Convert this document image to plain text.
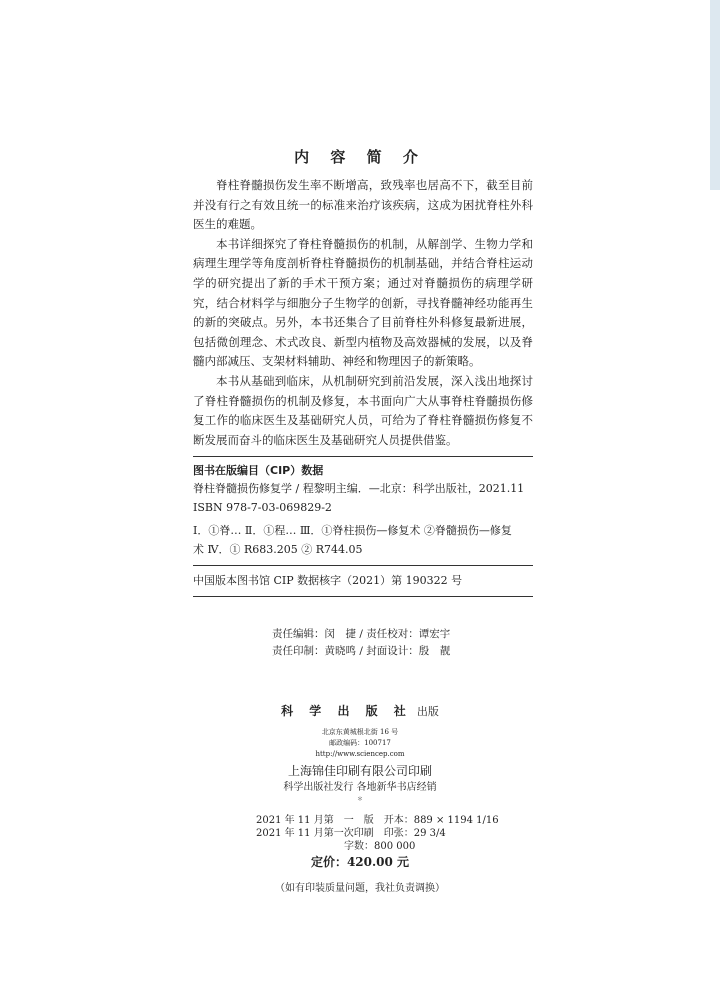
内 容 简 介

脊柱脊髓损伤发生率不断增高，致残率也居高不下，截至目前并没有行之有效且统一的标准来治疗该疾病，这成为困扰脊柱外科医生的难题。

本书详细探究了脊柱脊髓损伤的机制，从解剖学、生物力学和病理生理学等角度剖析脊柱脊髓损伤的机制基础，并结合脊柱运动学的研究提出了新的手术干预方案；通过对脊髓损伤的病理学研究，结合材料学与细胞分子生物学的创新，寻找脊髓神经功能再生的新的突破点。另外，本书还集合了目前脊柱外科修复最新进展，包括微创理念、术式改良、新型内植物及高效器械的发展，以及脊髓内部减压、支架材料辅助、神经和物理因子的新策略。

本书从基础到临床，从机制研究到前沿发展，深入浅出地探讨了脊柱脊髓损伤的机制及修复，本书面向广大从事脊柱脊髓损伤修复工作的临床医生及基础研究人员，可给为了脊柱脊髓损伤修复不断发展而奋斗的临床医生及基础研究人员提供借鉴。

图书在版编目（CIP）数据
脊柱脊髓损伤修复学 / 程黎明主编．—北京：科学出版社，2021.11
ISBN 978-7-03-069829-2
Ⅰ．①脊… Ⅱ．①程… Ⅲ．①脊柱损伤—修复术 ②脊髓损伤—修复
术 Ⅳ．① R683.205 ② R744.05
中国版本图书馆 CIP 数据核字（2021）第 190322 号
责任编辑：闵　捷 / 责任校对：谭宏宇
责任印制：黄晓鸣 / 封面设计：殷　靓
科 学 出 版 社 出版
北京东黄城根北街 16 号
邮政编码：100717
http://www.sciencep.com
上海锦佳印刷有限公司印刷
科学出版社发行 各地新华书店经销
＊
2021 年 11 月第　一　版　开本：889 × 1194 1/16
2021 年 11 月第一次印刷　印张：29 3/4
字数：800 000
定价：420.00 元
（如有印装质量问题，我社负责调换）
